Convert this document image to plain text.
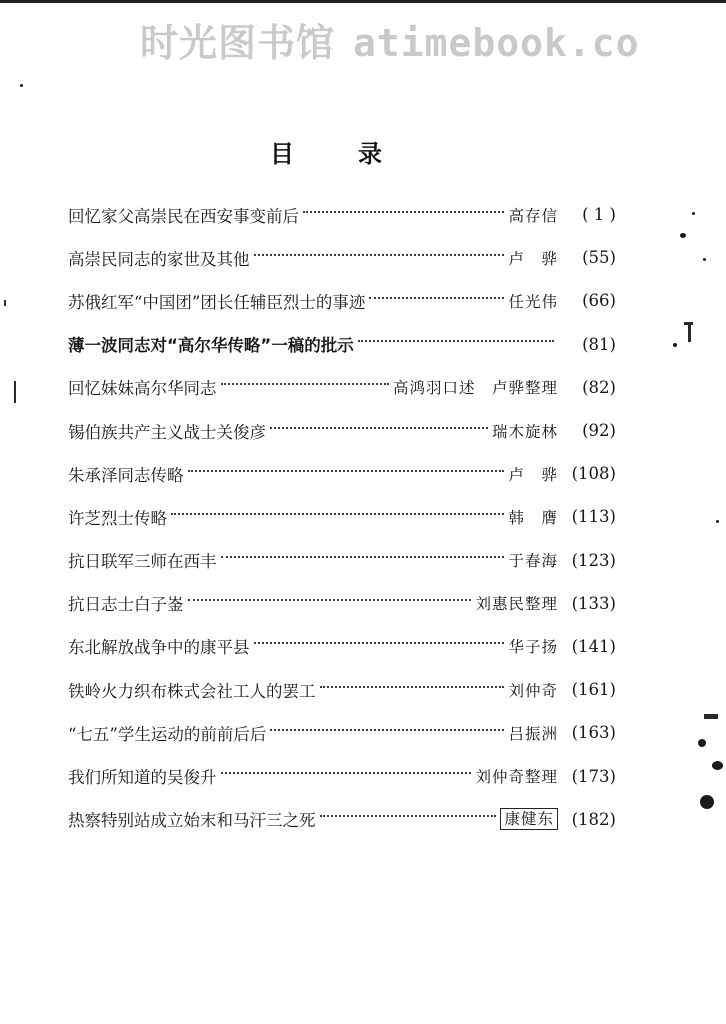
时光图书馆 atimebook.co
目	录
回忆家父高崇民在西安事变前后	高存信	( 1 )
高崇民同志的家世及其他	卢　骅	(55)
苏俄红军“中国团”团长任辅臣烈士的事迹	任光伟	(66)
薄一波同志对“高尔华传略”一稿的批示	(81)
回忆妹妹高尔华同志	高鸿羽口述　卢骅整理	(82)
锡伯族共产主义战士关俊彦	瑞木旋林	(92)
朱承泽同志传略	卢　骅 (108)
许芝烈士传略	韩　膺 (113)
抗日联军三师在西丰	于春海 (123)
抗日志士白子崟	刘惠民整理 (133)
东北解放战争中的康平县	华子扬 (141)
铁岭火力织布株式会社工人的罢工	刘仲奇 (161)
“七五”学生运动的前前后后	吕振洲 (163)
我们所知道的吴俊升	刘仲奇整理 (173)
热察特别站成立始末和马汗三之死	康健东	(182)
